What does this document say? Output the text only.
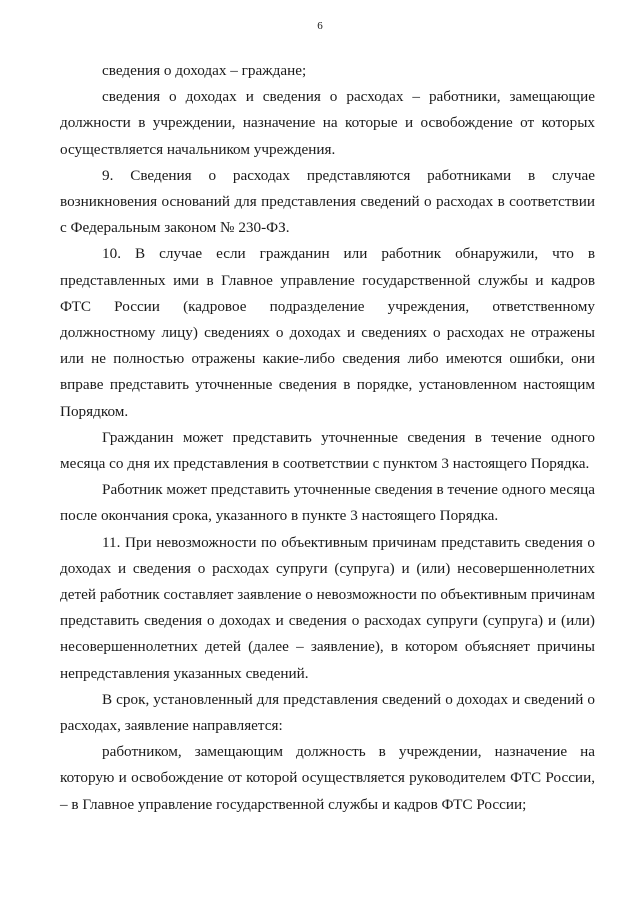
6

сведения о доходах – граждане;

сведения о доходах и сведения о расходах – работники, замещающие должности в учреждении, назначение на которые и освобождение от которых осуществляется начальником учреждения.

9. Сведения о расходах представляются работниками в случае возникновения оснований для представления сведений о расходах в соответствии с Федеральным законом № 230-ФЗ.

10. В случае если гражданин или работник обнаружили, что в представленных ими в Главное управление государственной службы и кадров ФТС России (кадровое подразделение учреждения, ответственному должностному лицу) сведениях о доходах и сведениях о расходах не отражены или не полностью отражены какие-либо сведения либо имеются ошибки, они вправе представить уточненные сведения в порядке, установленном настоящим Порядком.

Гражданин может представить уточненные сведения в течение одного месяца со дня их представления в соответствии с пунктом 3 настоящего Порядка.

Работник может представить уточненные сведения в течение одного месяца после окончания срока, указанного в пункте 3 настоящего Порядка.

11. При невозможности по объективным причинам представить сведения о доходах и сведения о расходах супруги (супруга) и (или) несовершеннолетних детей работник составляет заявление о невозможности по объективным причинам представить сведения о доходах и сведения о расходах супруги (супруга) и (или) несовершеннолетних детей (далее – заявление), в котором объясняет причины непредставления указанных сведений.

В срок, установленный для представления сведений о доходах и сведений о расходах, заявление направляется:

работником, замещающим должность в учреждении, назначение на которую и освобождение от которой осуществляется руководителем ФТС России, – в Главное управление государственной службы и кадров ФТС России;
